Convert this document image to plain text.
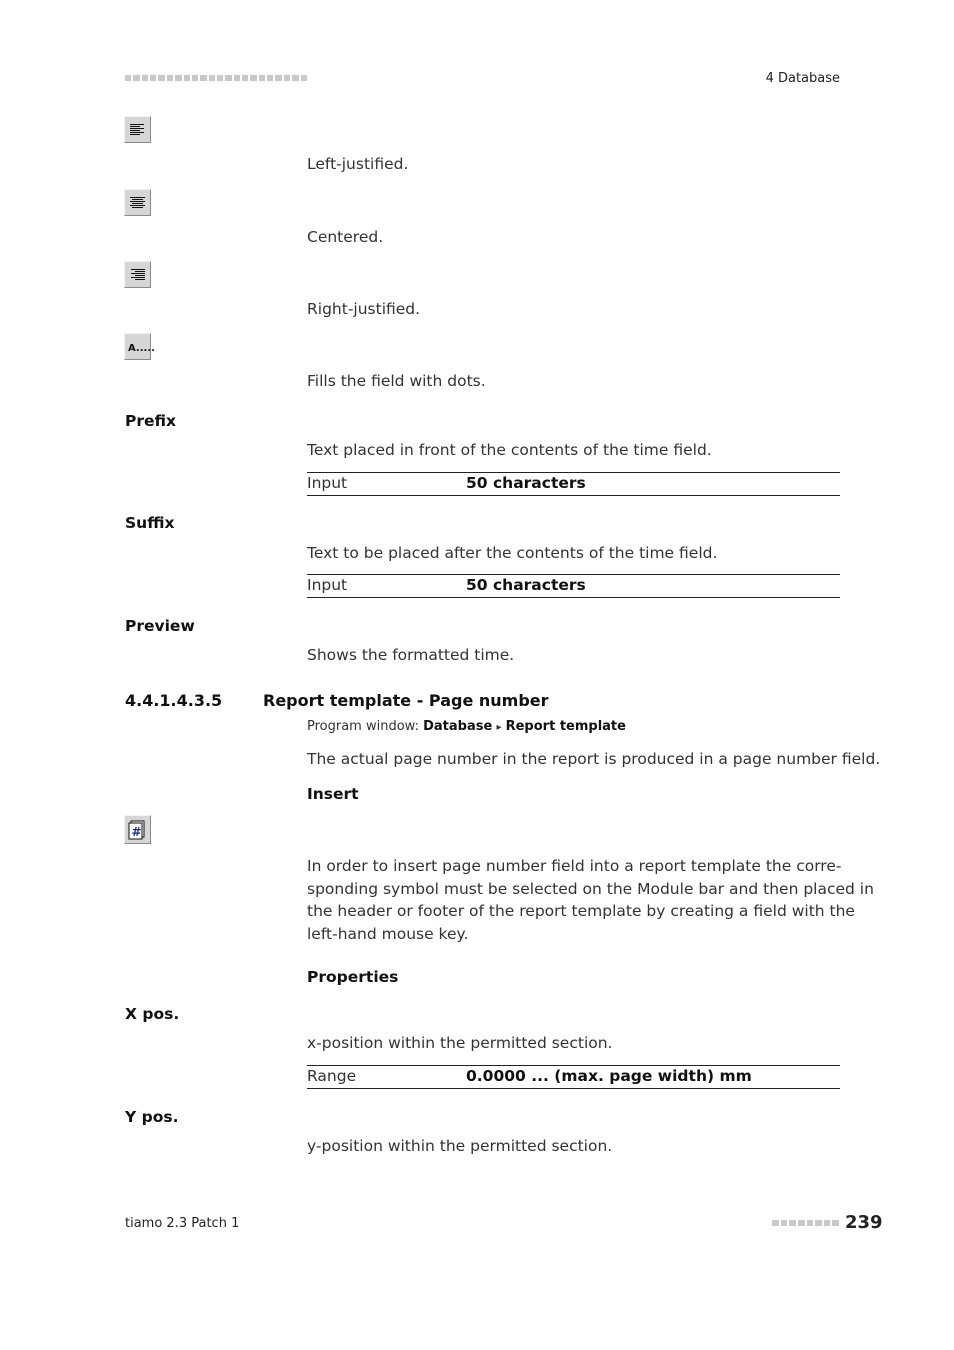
4 Database
Left-justified.
Centered.
Right-justified.
A.....
Fills the field with dots.
Prefix
Text placed in front of the contents of the time field.
Input	50 characters
Suffix
Text to be placed after the contents of the time field.
Input	50 characters
Preview
Shows the formatted time.
4.4.1.4.3.5	Report template - Page number
Program window: Database ▸ Report template
The actual page number in the report is produced in a page number field.
Insert
#
In order to insert page number field into a report template the corre-
sponding symbol must be selected on the Module bar and then placed in
the header or footer of the report template by creating a field with the
left-hand mouse key.
Properties
X pos.
x-position within the permitted section.
Range	0.0000 ... (max. page width) mm
Y pos.
y-position within the permitted section.
tiamo 2.3 Patch 1	239
